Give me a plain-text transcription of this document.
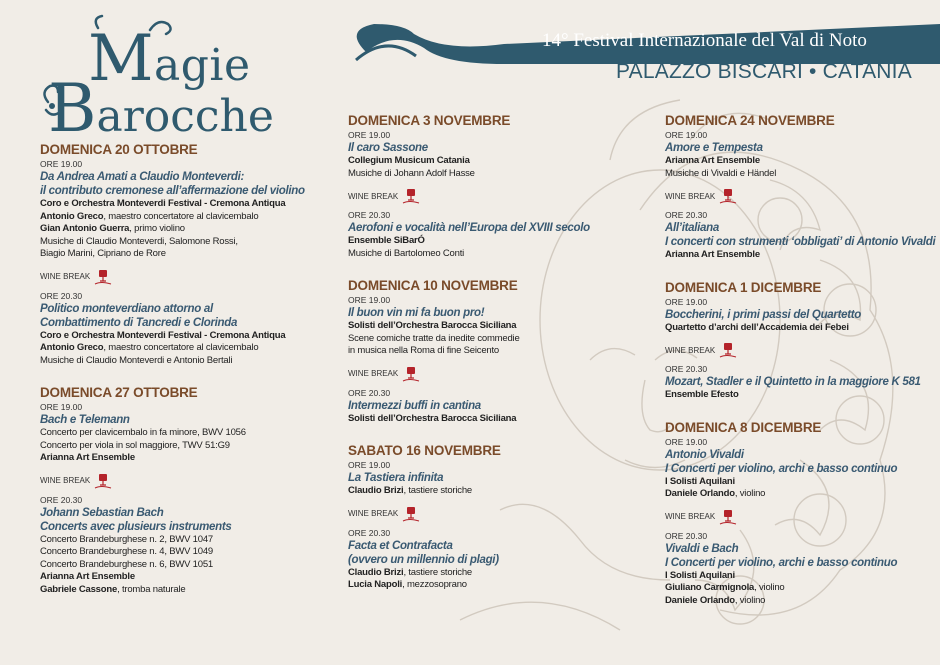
Magie
Barocche
14° Festival Internazionale del Val di Noto
PALAZZO BISCARI • CATANIA
DOMENICA 20 OTTOBRE
ORE 19.00
Da Andrea Amati a Claudio Monteverdi:
il contributo cremonese all’affermazione del violino
Coro e Orchestra Monteverdi Festival - Cremona Antiqua
Antonio Greco, maestro concertatore al clavicembalo
Gian Antonio Guerra, primo violino
Musiche di Claudio Monteverdi, Salomone Rossi,
Biagio Marini, Cipriano de Rore
WINE BREAK
ORE 20.30
Politico monteverdiano attorno al
Combattimento di Tancredi e Clorinda
Coro e Orchestra Monteverdi Festival - Cremona Antiqua
Antonio Greco, maestro concertatore al clavicembalo
Musiche di Claudio Monteverdi e Antonio Bertali
DOMENICA 27 OTTOBRE
ORE 19.00
Bach e Telemann
Concerto per clavicembalo in fa minore, BWV 1056
Concerto per viola in sol maggiore, TWV 51:G9
Arianna Art Ensemble
WINE BREAK
ORE 20.30
Johann Sebastian Bach
Concerts avec plusieurs instruments
Concerto Brandeburghese n. 2, BWV 1047
Concerto Brandeburghese n. 4, BWV 1049
Concerto Brandeburghese n. 6, BWV 1051
Arianna Art Ensemble
Gabriele Cassone, tromba naturale
DOMENICA 3 NOVEMBRE
ORE 19.00
Il caro Sassone
Collegium Musicum Catania
Musiche di Johann Adolf Hasse
WINE BREAK
ORE 20.30
Aerofoni e vocalità nell’Europa del XVIII secolo
Ensemble SiBarÓ
Musiche di Bartolomeo Conti
DOMENICA 10 NOVEMBRE
ORE 19.00
Il buon vin mi fa buon pro!
Solisti dell’Orchestra Barocca Siciliana
Scene comiche tratte da inedite commedie
in musica nella Roma di fine Seicento
WINE BREAK
ORE 20.30
Intermezzi buffi in cantina
Solisti dell’Orchestra Barocca Siciliana
SABATO 16 NOVEMBRE
ORE 19.00
La Tastiera infinita
Claudio Brizi, tastiere storiche
WINE BREAK
ORE 20.30
Facta et Contrafacta
(ovvero un millennio di plagi)
Claudio Brizi, tastiere storiche
Lucia Napoli, mezzosoprano
DOMENICA 24 NOVEMBRE
ORE 19.00
Amore e Tempesta
Arianna Art Ensemble
Musiche di Vivaldi e Händel
WINE BREAK
ORE 20.30
All’italiana
I concerti con strumenti ‘obbligati’ di Antonio Vivaldi
Arianna Art Ensemble
DOMENICA 1 DICEMBRE
ORE 19.00
Boccherini, i primi passi del Quartetto
Quartetto d’archi dell’Accademia dei Febei
WINE BREAK
ORE 20.30
Mozart, Stadler e il Quintetto in la maggiore K 581
Ensemble Efesto
DOMENICA 8 DICEMBRE
ORE 19.00
Antonio Vivaldi
I Concerti per violino, archi e basso continuo
I Solisti Aquilani
Daniele Orlando, violino
WINE BREAK
ORE 20.30
Vivaldi e Bach
I Concerti per violino, archi e basso continuo
I Solisti Aquilani
Giuliano Carmignola, violino
Daniele Orlando, violino
